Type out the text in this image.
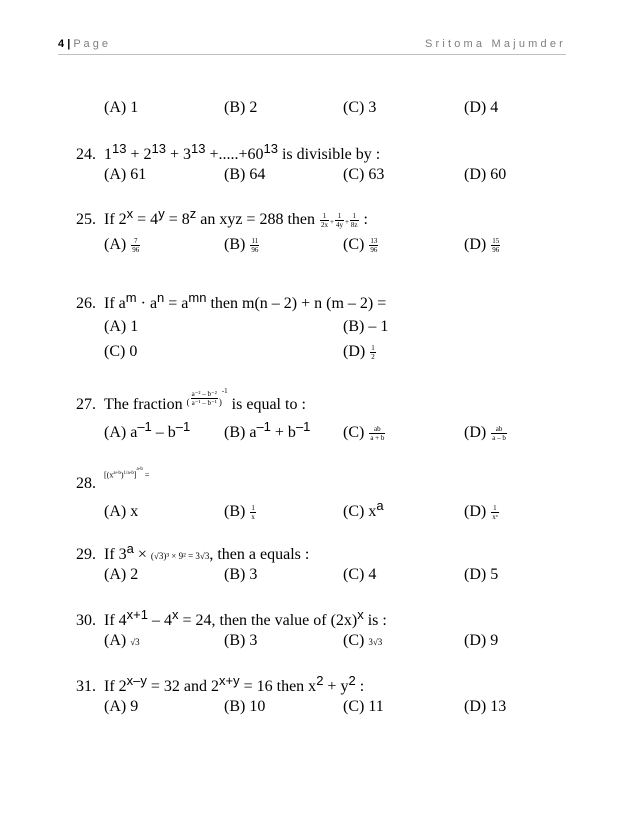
4 | P a g e	Sritoma Majumder
(A) 1	(B) 2	(C) 3	(D) 4
24. $1^{13} + 2^{13} + 3^{13} +.....+60^{13}$ is divisible by :
(A) 61	(B) 64	(C) 63	(D) 60
25. If $2^x = 4^y = 8^z$ an xyz = 288 then $\frac{1}{2x} + \frac{1}{4y} + \frac{1}{8z}$ :
$(A) \frac{7}{96}$	$(B) \frac{11}{96}$	$(C) \frac{13}{96}$	$(D) \frac{15}{96}$
26. If $a^m \cdot a^n = a^{mn}$ then m(n – 2) + n (m – 2) =
(A) 1	(B) – 1
(C) 0	$(D) \frac{1}{2}$
27. The fraction $^( \frac{\text{a⁻² – b⁻²}}{\text{a⁻¹ – b⁻¹}} ^{)-1}$ is equal to :
(A) $a^{-1} - b^{-1}$ (B) $a^{-1} + b^{-1}$ $(C) \frac{ab}{a + b}$	$(D) \frac{ab}{a - b}$
28. $[(x^{a+b})^{1/a-b}]^{a-b}$ =
(A) x	$(B) \frac{1}{x}$	(C) $x^a$	$(D) \frac{1}{\text{xᵃ}}$
29. If $3^a \times (√3)^3 \times 9^2 = 3√3$, then a equals :
(A) 2	(B) 3	(C) 4	(D) 5
30. If $4^{x+1} - 4^x = 24$, then the value of $(2x)^x$ is :
(A) √3	(B) 3	(C) 3√3	(D) 9
31. If $2^{x-y} = 32$ and $2^{x+y} = 16$ then $x^2 + y^2$ :
(A) 9	(B) 10	(C) 11	(D) 13
